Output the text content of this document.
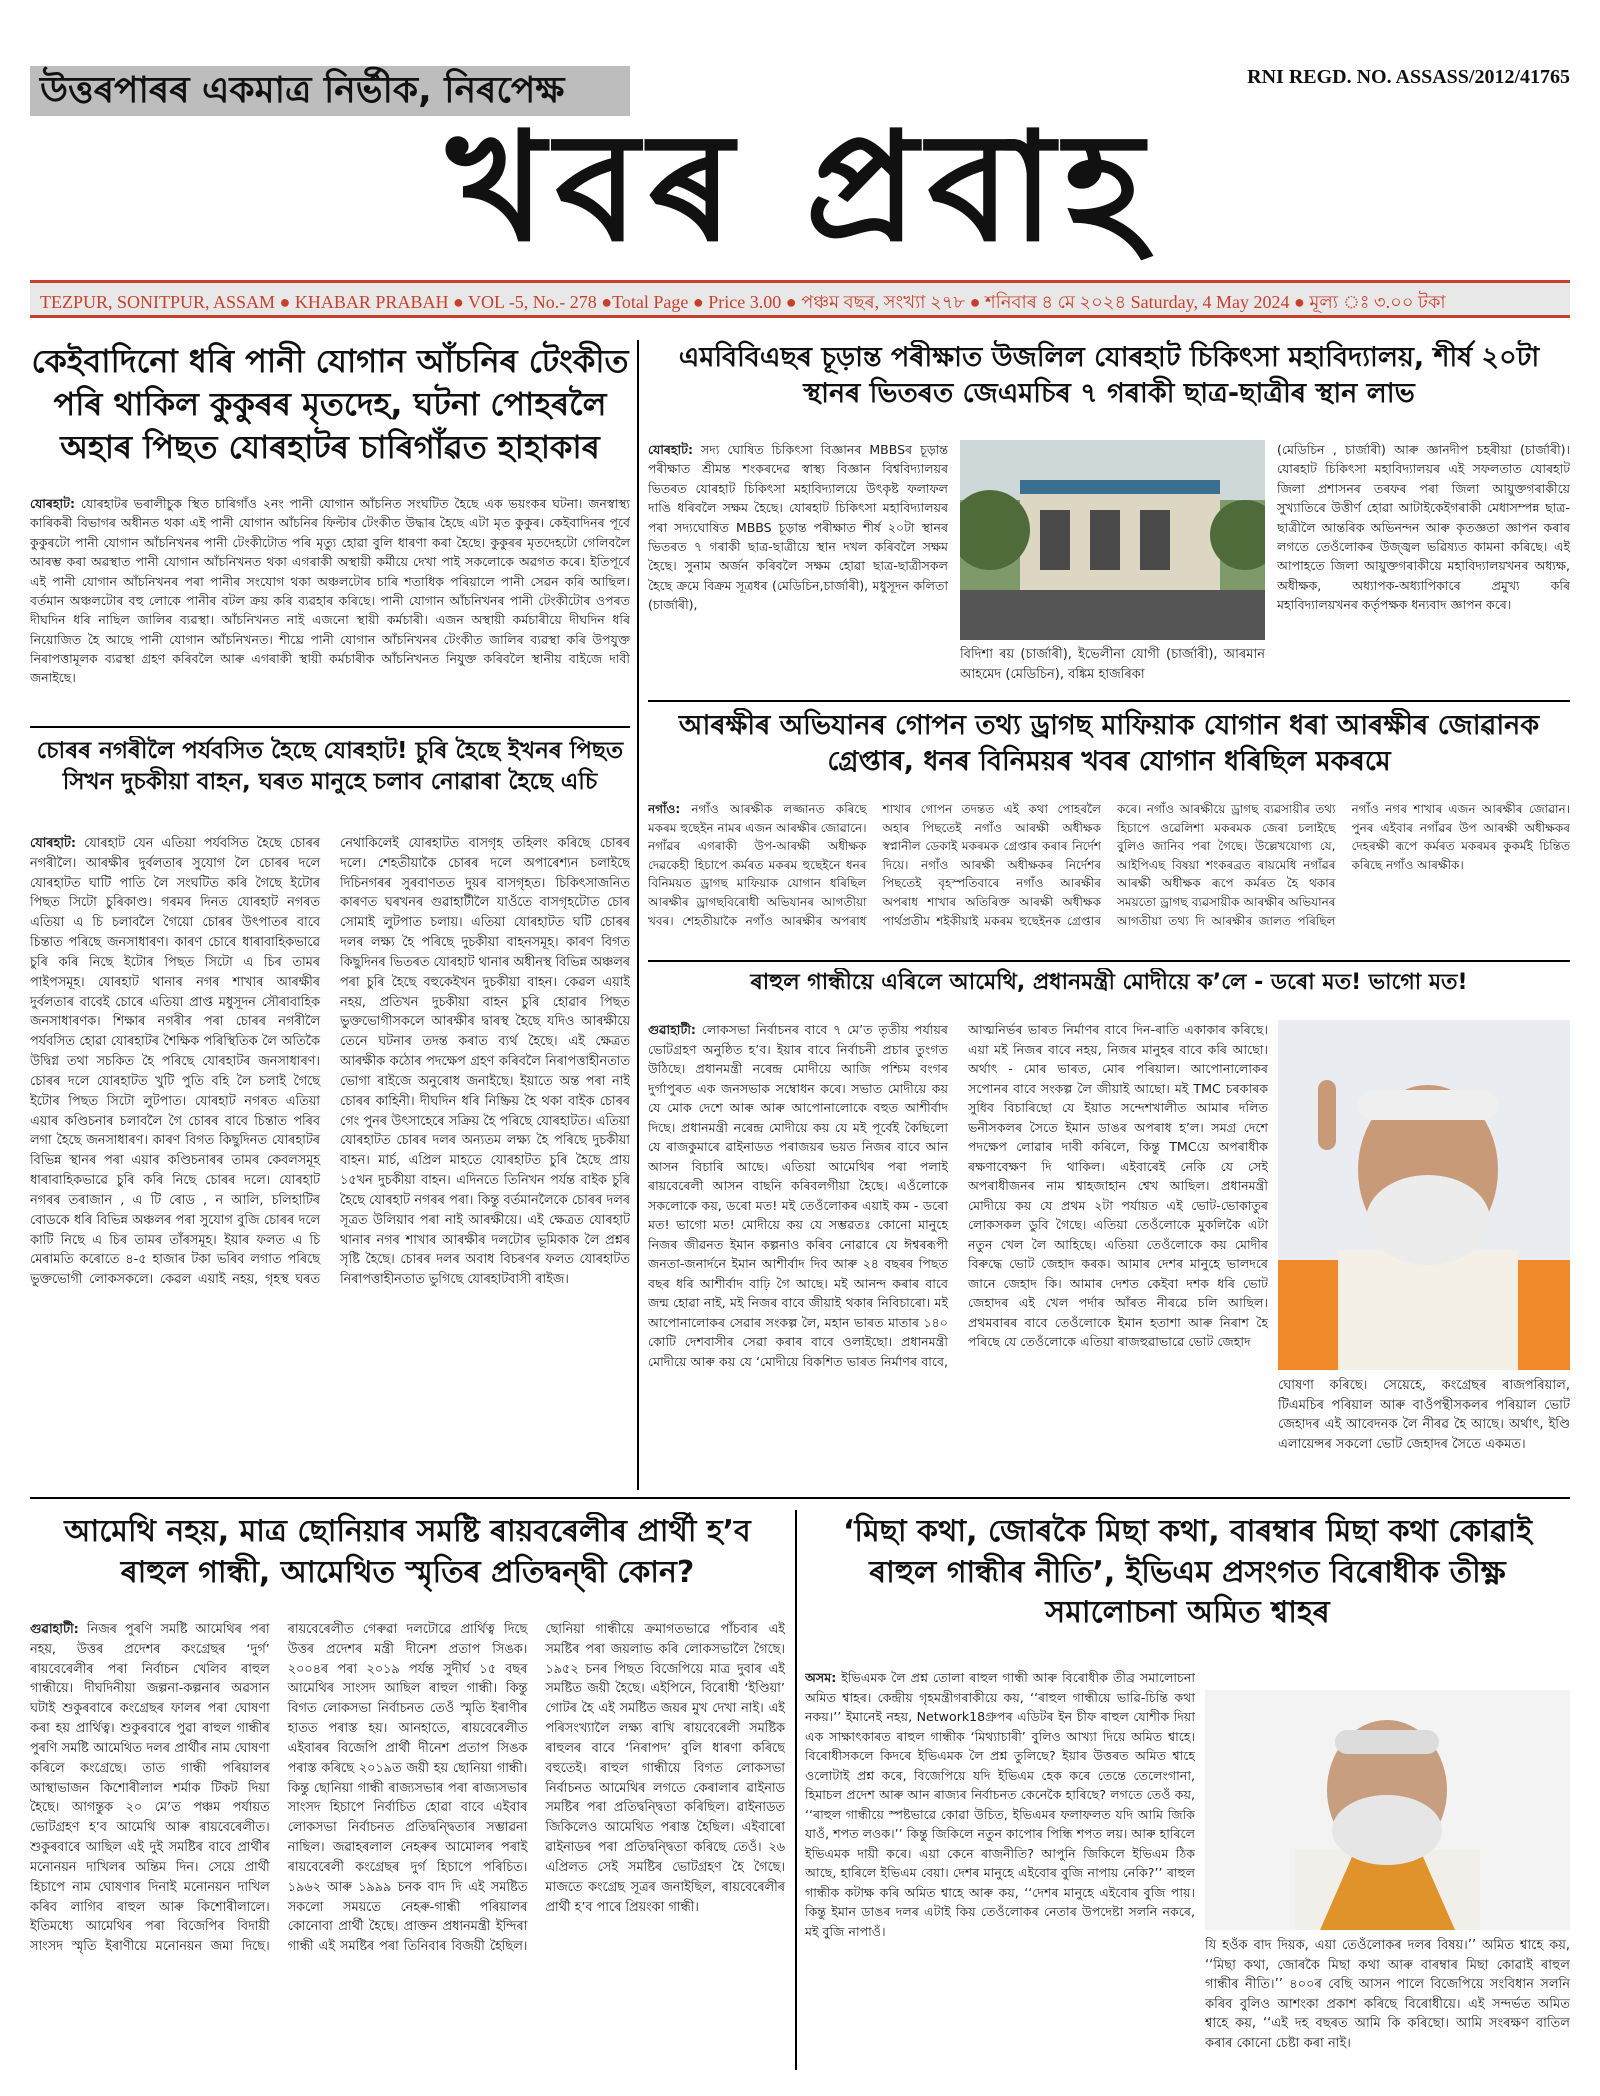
উত্তৰপাৰৰ একমাত্ৰ নিৰ্ভীক, নিৰপেক্ষ	RNI REGD. NO. ASSASS/2012/41765
খবৰ প্ৰবাহ
TEZPUR, SONITPUR, ASSAM ● KHABAR PRABAH ● VOL -5, No.- 278 ●Total Page ● Price 3.00 ● পঞ্চম বছৰ, সংখ্যা ২৭৮ ● শনিবাৰ ৪ মে ২০২৪ Saturday, 4 May 2024 ● মূল্য ঃ ৩.০০ টকা
কেইবাদিনো ধৰি পানী যোগান আঁচনিৰ টেংকীত পৰি থাকিল কুকুৰৰ মৃতদেহ, ঘটনা পোহৰলৈ অহাৰ পিছত যোৰহাটৰ চাৰিগাঁৱত হাহাকাৰ
যোৰহাট: যোৰহাটৰ ভৰালীচুক স্থিত চাৰিগাঁও ২নং পানী যোগান আঁচনিত সংঘটিত হৈছে এক ভয়ংকৰ ঘটনা। জনস্বাস্থ্য কাৰিকৰী বিভাগৰ অধীনত থকা এই পানী যোগান আঁচনিৰ ফিল্টাৰ টেংকীত উদ্ধাৰ হৈছে এটা মৃত কুকুৰ। কেইবাদিনৰ পূৰ্বে কুকুৰটো পানী যোগান আঁচনিখনৰ পানী টেংকীটোত পৰি মৃত্যু হোৱা বুলি ধাৰণা কৰা হৈছে। কুকুৰৰ মৃতদেহটো গেলিবলৈ আৰম্ভ কৰা অৱস্থাত পানী যোগান আঁচনিখনত থকা এগৰাকী অস্থায়ী কৰ্মীয়ে দেখা পাই সকলোকে অৱগত কৰে। ইতিপূৰ্বে এই পানী যোগান আঁচনিখনৰ পৰা পানীৰ সংযোগ থকা অঞ্চলটোৰ চাৰি শতাধিক পৰিয়ালে পানী সেৱন কৰি আছিল। বৰ্তমান অঞ্চলটোৰ বহু লোকে পানীৰ বটল ক্ৰয় কৰি ব্যৱহাৰ কৰিছে। পানী যোগান আঁচনিখনৰ পানী টেংকীটোৰ ওপৰত দীঘদিন ধৰি নাছিল জালিৰ ব্যৱস্থা। আঁচনিখনত নাই এজনো স্থায়ী কৰ্মচাৰী। এজন অস্থায়ী কৰ্মচাৰীয়ে দীঘদিন ধৰি নিয়োজিত হৈ আছে পানী যোগান আঁচনিখনত। শীঘ্ৰে পানী যোগান আঁচনিখনৰ টেংকীত জালিৰ ব্যৱস্থা কৰি উপযুক্ত নিৰাপত্তামূলক ব্যৱস্থা গ্ৰহণ কৰিবলৈ আৰু এগৰাকী স্থায়ী কৰ্মচাৰীক আঁচনিখনত নিযুক্ত কৰিবলৈ স্থানীয় বাইজে দাবী জনাইছে।
চোৰৰ নগৰীলৈ পৰ্যবসিত হৈছে যোৰহাট! চুৰি হৈছে ইখনৰ পিছত সিখন দুচকীয়া বাহন, ঘৰত মানুহে চলাব নোৱাৰা হৈছে এচি
যোৰহাট: যোৰহাট যেন এতিয়া পৰ্যবসিত হৈছে চোৰৰ নগৰীলৈ। আৰক্ষীৰ দুৰ্বলতাৰ সুযোগ লৈ চোৰৰ দলে যোৰহাটত ঘাটি পাতি লৈ সংঘটিত কৰি গৈছে ইটোৰ পিছত সিটো চুৰিকাণ্ড। গৰমৰ দিনত যোৰহাট নগৰত এতিয়া এ চি চলাবলৈ গৈয়ো চোৰৰ উৎপাতৰ বাবে চিন্তাত পৰিছে জনসাধাৰণ। কাৰণ চোৰে ধাৰাবাহিকভাৱে চুৰি কৰি নিছে ইটোৰ পিছত সিটো এ চিৰ তামৰ পাইপসমূহ। যোৰহাট থানাৰ নগৰ শাখাৰ আৰক্ষীৰ দুৰ্বলতাৰ বাবেই চোৰে এতিয়া প্ৰাপ্ত মধুসূদন সৌৰাবাহিক জনসাধাৰণক। শিক্ষাৰ নগৰীৰ পৰা চোৰৰ নগৰীলৈ পৰ্যবসিত হোৱা যোৰহাটৰ শৈক্ষিক পৰিস্থিতিক লৈ অতিকৈ উদ্বিগ্ন তথা সচকিত হৈ পৰিছে যোৰহাটৰ জনসাধাৰণ। চোৰৰ দলে যোৰহাটত খুটি পুতি বহি লৈ চলাই গৈছে ইটোৰ পিছত সিটো লুটপাত। যোৰহাট নগৰত এতিয়া এয়াৰ কণ্ডিচনাৰ চলাবলৈ গৈ চোৰৰ বাবে চিন্তাত পৰিব লগা হৈছে জনসাধাৰণ। কাৰণ বিগত কিছুদিনত যোৰহাটৰ বিভিন্ন স্থানৰ পৰা এয়াৰ কণ্ডিচনাৰৰ তামৰ কেবলসমূহ ধাৰাবাহিকভাৱে চুৰি কৰি নিছে চোৰৰ দলে। যোৰহাট নগৰৰ তৰাজান , এ টি ৰোড , ন আলি, চলিহাটিৰ বোডকে ধৰি বিভিন্ন অঞ্চলৰ পৰা সুযোগ বুজি চোৰৰ দলে কাটি নিছে এ চিৰ তামৰ তাঁৰসমূহ। ইয়াৰ ফলত এ চি মেৰামতি কৰোতে ৪-৫ হাজাৰ টকা ভৰিব লগাত পৰিছে ভুক্তভোগী লোকসকলে। কেৱল এয়াই নহয়, গৃহস্থ ঘৰত নেথাকিলেই যোৰহাটত বাসগৃহ তহিলং কৰিছে চোৰৰ দলে। শেহতীয়াকৈ চোৰৰ দলে অপাৰেশ্যন চলাইছে দিচিনগৰৰ সুৰবাণতত দুয়ৰ বাসগৃহত। চিকিৎসাজনিত কাৰণত ঘৰখনৰ গুৱাহাটীলৈ যাওঁতে বাসগৃহটোত চোৰ সোমাই লুটপাত চলায়। এতিয়া যোৰহাটত ঘটি চোৰৰ দলৰ লক্ষ্য হৈ পৰিছে দুচকীয়া বাহনসমূহ। কাৰণ বিগত কিছুদিনৰ ভিতৰত যোৰহাট থানাৰ অধীনস্থ বিভিন্ন অঞ্চলৰ পৰা চুৰি হৈছে বহুকেইখন দুচকীয়া বাহন। কেৱল এয়াই নহয়, প্ৰতিখন দুচকীয়া বাহন চুৰি হোৱাৰ পিছত ভুক্তভোগীসকলে আৰক্ষীৰ দ্বাৰস্থ হৈছে যদিও আৰক্ষীয়ে তেনে ঘটনাৰ তদন্ত কৰাত ব্যৰ্থ হৈছে। এই ক্ষেত্ৰত আৰক্ষীক কঠোৰ পদক্ষেপ গ্ৰহণ কৰিবলৈ নিৰাপত্তাহীনতাত ভোগা ৰাইজে অনুৰোধ জনাইছে। ইয়াতে অন্ত পৰা নাই চোৰৰ কাহিনী। দীঘদিন ধৰি নিষ্ক্ৰিয় হৈ থকা বাইক চোৰৰ গেং পুনৰ উৎসাহেৰে সক্ৰিয় হৈ পৰিছে যোৰহাটত। এতিয়া যোৰহাটত চোৰৰ দলৰ অন্যতম লক্ষ্য হৈ পৰিছে দুচকীয়া বাহন। মাৰ্চ, এপ্ৰিল মাহতে যোৰহাটত চুৰি হৈছে প্ৰায় ১৫খন দুচকীয়া বাহন। এদিনতে তিনিখন পৰ্যন্ত বাইক চুৰি হৈছে যোৰহাট নগৰৰ পৰা। কিন্তু বৰ্তমানলৈকে চোৰৰ দলৰ সূত্ৰত উলিয়াব পৰা নাই আৰক্ষীয়ে। এই ক্ষেত্ৰত যোৰহাট থানাৰ নগৰ শাখাৰ আৰক্ষীৰ দলটোৰ ভূমিকাক লৈ প্ৰশ্নৰ সৃষ্টি হৈছে। চোৰৰ দলৰ অবাধ বিচৰণৰ ফলত যোৰহাটত নিৰাপত্তাহীনতাত ভুগিছে যোৰহাটবাসী ৰাইজ।
এমবিবিএছৰ চূড়ান্ত পৰীক্ষাত উজলিল যোৰহাট চিকিৎসা মহাবিদ্যালয়, শীৰ্ষ ২০টা স্থানৰ ভিতৰত জেএমচিৰ ৭ গৰাকী ছাত্ৰ-ছাত্ৰীৰ স্থান লাভ
যোৰহাট: সদ্য ঘোষিত চিকিৎসা বিজ্ঞানৰ MBBSৰ চূড়ান্ত পৰীক্ষাত শ্ৰীমন্ত শংকৰদেৱ স্বাস্থ্য বিজ্ঞান বিশ্ববিদ্যালয়ৰ ভিতৰত যোৰহাট চিকিৎসা মহাবিদ্যালয়ে উৎকৃষ্ট ফলাফল দাঙি ধৰিবলৈ সক্ষম হৈছে। যোৰহাট চিকিৎসা মহাবিদ্যালয়ৰ পৰা সদ্যঘোষিত MBBS চূড়ান্ত পৰীক্ষাত শীৰ্ষ ২০টা স্থানৰ ভিতৰত ৭ গৰাকী ছাত্ৰ-ছাত্ৰীয়ে স্থান দখল কৰিবলৈ সক্ষম হৈছে। সুনাম অৰ্জন কৰিবলৈ সক্ষম হোৱা ছাত্ৰ-ছাত্ৰীসকল হৈছে ক্ৰমে বিক্ৰম সূত্ৰধৰ (মেডিচিন,চাৰ্জাৰী), মধুসূদন কলিতা (চাৰ্জাৰী),
বিদিশা ৰয় (চাৰ্জাৰী), ইভেলীনা যোগী (চাৰ্জাৰী), আৰমান আহমেদ (মেডিচিন), বঙ্কিম হাজৰিকা
(মেডিচিন , চাৰ্জাৰী) আৰু জ্ঞানদীপ চহৰীয়া (চাৰ্জাৰী)। যোৰহাট চিকিৎসা মহাবিদ্যালয়ৰ এই সফলতাত যোৰহাট জিলা প্ৰশাসনৰ তৰফৰ পৰা জিলা আয়ুক্তগৰাকীয়ে সুখ্যাতিৰে উত্তীৰ্ণ হোৱা আটাইকেইগৰাকী মেধাসম্পন্ন ছাত্ৰ- ছাত্ৰীলৈ আন্তৰিক অভিনন্দন আৰু কৃতজ্ঞতা জ্ঞাপন কৰাৰ লগতে তেওঁলোকৰ উজ্জ্বল ভৱিষ্যত কামনা কৰিছে। এই আপাহতে জিলা আয়ুক্তগৰাকীয়ে মহাবিদ্যালয়খনৰ অধ্যক্ষ, অধীক্ষক, অধ্যাপক-অধ্যাপিকাৰে প্ৰমুখ্য কৰি মহাবিদ্যালয়খনৰ কৰ্তৃপক্ষক ধন্যবাদ জ্ঞাপন কৰে।
আৰক্ষীৰ অভিযানৰ গোপন তথ্য ড্ৰাগছ মাফিয়াক যোগান ধৰা আৰক্ষীৰ জোৱানক গ্ৰেপ্তাৰ, ধনৰ বিনিময়ৰ খবৰ যোগান ধৰিছিল মকৰমে
নগাঁও: নগাঁও আৰক্ষীক লজ্জানত কৰিছে মকৰম হুছেইন নামৰ এজন আৰক্ষীৰ জোৱানে। নগাঁৱৰ এগৰাকী উপ-আৰক্ষী অধীক্ষক দেৱকেহী হিচাপে কৰ্মৰত মকৰম হুছেইনে ধনৰ বিনিময়ত ড্ৰাগছ মাফিয়াক যোগান ধৰিছিল আৰক্ষীৰ ড্ৰাগছবিৰোধী অভিযানৰ আগতীয়া খবৰ। শেহতীয়াকৈ নগাঁও আৰক্ষীৰ অপৰাধ শাখাৰ গোপন তদন্তত এই কথা পোহৰলৈ অহাৰ পিছতেই নগাঁও আৰক্ষী অধীক্ষক স্বপ্নানীল ডেকাই মকৰমক গ্ৰেপ্তাৰ কৰাৰ নিৰ্দেশ দিয়ে। নগাঁও আৰক্ষী অধীক্ষকৰ নিৰ্দেশৰ পিছতেই বৃহস্পতিবাৰে নগাঁও আৰক্ষীৰ অপৰাধ শাখাৰ অতিৰিক্ত আৰক্ষী অধীক্ষক পাৰ্থপ্ৰতীম শইকীয়াই মকৰম হুছেইনক গ্ৰেপ্তাৰ কৰে। নগাঁও আৰক্ষীয়ে ড্ৰাগছ ব্যৱসায়ীৰ তথ্য হিচাপে ওৱেলিশা মকৰমক জেৰা চলাইছে বুলিও জানিব পৰা গৈছে। উল্লেখযোগ্য যে, আইপিএছ বিষয়া শংকৰব্ৰত ৰায়মেধি নগাঁৱৰ আৰক্ষী অধীক্ষক ৰূপে কৰ্মৰত হৈ থকাৰ সময়তো ড্ৰাগছ ব্যৱসায়ীক আৰক্ষীৰ অভিযানৰ আগতীয়া তথ্য দি আৰক্ষীৰ জালত পৰিছিল নগাঁও নগৰ শাখাৰ এজন আৰক্ষীৰ জোৱান। পুনৰ এইবাৰ নগাঁৱৰ উপ আৰক্ষী অধীক্ষকৰ দেহৰক্ষী ৰূপে কৰ্মৰত মকৰমৰ কুকৰ্মই চিন্তিত কৰিছে নগাঁও আৰক্ষীক।
ৰাহুল গান্ধীয়ে এৰিলে আমেথি, প্ৰধানমন্ত্ৰী মোদীয়ে ক’লে - ডৰো মত! ভাগো মত!
গুৱাহাটী: লোকসভা নিৰ্বাচনৰ বাবে ৭ মে’ত তৃতীয় পৰ্যায়ৰ ভোটগ্ৰহণ অনুষ্ঠিত হ’ব। ইয়াৰ বাবে নিৰ্বাচনী প্ৰচাৰ তুংগত উঠিছে। প্ৰধানমন্ত্ৰী নৰেন্দ্ৰ মোদীয়ে আজি পশ্চিম বংগৰ দুৰ্গাপুৰত এক জনসভাক সম্বোধন কৰে। সভাত মোদীয়ে কয় যে মোক দেশে আৰু আৰু আপোনালোকে বহুত আশীৰ্বাদ দিছে। প্ৰধানমন্ত্ৰী নৰেন্দ্ৰ মোদীয়ে কয় যে মই পূৰ্বেই কৈছিলো যে ৰাজকুমাৰে ৱাইনাডত পৰাজয়ৰ ভয়ত নিজৰ বাবে আন আসন বিচাৰি আছে। এতিয়া আমেথিৰ পৰা পলাই ৰায়বেৰেলী আসন বাছনি কৰিবলগীয়া হৈছে। এওঁলোকে সকলোকে কয়, ডৰো মত! মই তেওঁলোকৰ এয়াই কম - ডৰো মত! ভাগো মত! মোদীয়ে কয় যে সম্ভৱতঃ কোনো মানুহে নিজৰ জীৱনত ইমান কল্পনাও কৰিব নোৱাৰে যে ঈশ্বৰৰূপী জনতা-জনাৰ্দনে ইমান আশীৰ্বাদ দিব আৰু ২৪ বছৰৰ পিছত বছৰ ধৰি আশীৰ্বাদ বাঢ়ি গৈ আছে। মই আনন্দ কৰাৰ বাবে জন্ম হোৱা নাই, মই নিজৰ বাবে জীয়াই থকাৰ নিবিচাৰো। মই আপোনালোকৰ সেৱাৰ সংকল্প লৈ, মহান ভাৰত মাতাৰ ১৪০ কোটি দেশবাসীৰ সেৱা কৰাৰ বাবে ওলাইছো। প্ৰধানমন্ত্ৰী মোদীয়ে আৰু কয় যে ‘মোদীয়ে বিকশিত ভাৰত নিৰ্মাণৰ বাবে, আত্মনিৰ্ভৰ ভাৰত নিৰ্মাণৰ বাবে দিন-ৰাতি একাকাৰ কৰিছে। এয়া মই নিজৰ বাবে নহয়, নিজৰ মানুহৰ বাবে কৰি আছো। অৰ্থাৎ - মোৰ ভাৰত, মোৰ পৰিয়াল। আপোনালোকৰ সপোনৰ বাবে সংকল্প লৈ জীয়াই আছো। মই TMC চৰকাৰক সুধিব বিচাৰিছো যে ইয়াত সন্দেশখালীত আমাৰ দলিত ভনীসকলৰ সৈতে ইমান ডাঙৰ অপৰাধ হ’ল। সমগ্ৰ দেশে পদক্ষেপ লোৱাৰ দাবী কৰিলে, কিন্তু TMCয়ে অপৰাধীক ৰক্ষণাবেক্ষণ দি থাকিল। এইবাৰেই নেকি যে সেই অপৰাধীজনৰ নাম শ্বাহজাহান শ্বেখ আছিল। প্ৰধানমন্ত্ৰী মোদীয়ে কয় যে প্ৰথম ২টা পৰ্যায়ত এই ভোট-ভোকাতুৰ লোকসকল ডুবি গৈছে। এতিয়া তেওঁলোকে মুকলিকৈ এটা নতুন খেল লৈ আহিছে। এতিয়া তেওঁলোকে কয় মোদীৰ বিৰুদ্ধে ভোট জেহাদ কৰক। আমাৰ দেশৰ মানুহে ভালদৰে জানে জেহাদ কি। আমাৰ দেশত কেইবা দশক ধৰি ভোট জেহাদৰ এই খেল পৰ্দাৰ আঁৰত নীৰৱে চলি আছিল। প্ৰথমবাৰৰ বাবে তেওঁলোকে ইমান হতাশা আৰু নিৰাশ হৈ পৰিছে যে তেওঁলোকে এতিয়া ৰাজহুৱাভাৱে ভোট জেহাদ
ঘোষণা কৰিছে। সেয়েহে, কংগ্ৰেছৰ ৰাজপৰিয়াল, টিএমচিৰ পৰিয়াল আৰু বাওঁপন্থীসকলৰ পৰিয়াল ভোট জেহাদৰ এই আবেদনক লৈ নীৰৱ হৈ আছে। অৰ্থাৎ, ইণ্ডি এলায়েন্সৰ সকলো ভোট জেহাদৰ সৈতে একমত।
আমেথি নহয়, মাত্ৰ ছোনিয়াৰ সমষ্টি ৰায়বৰেলীৰ প্ৰাৰ্থী হ’ব ৰাহুল গান্ধী, আমেথিত স্মৃতিৰ প্ৰতিদ্বন্দ্বী কোন?
গুৱাহাটী: নিজৰ পুৰণি সমষ্টি আমেথিৰ পৰা নহয়, উত্তৰ প্ৰদেশৰ কংগ্ৰেছৰ ‘দুৰ্গ’ ৰায়বেৰেলীৰ পৰা নিৰ্বাচন খেলিব ৰাহুল গান্ধীয়ে। দীঘদিনীয়া জল্পনা-কল্পনাৰ অৱসান ঘটাই শুকুৰবাৰে কংগ্ৰেছৰ ফালৰ পৰা ঘোষণা কৰা হয় প্ৰাৰ্থিত্ব। শুকুৰবাৰে পুৱা ৰাহুল গান্ধীৰ পুৰণি সমষ্টি আমেথিত দলৰ প্ৰাৰ্থীৰ নাম ঘোষণা কৰিলে কংগ্ৰেছে। তাত গান্ধী পৰিয়ালৰ আস্থাভাজন কিশোৰীলাল শৰ্মাক টিকট দিয়া হৈছে। আগন্তুক ২০ মে’ত পঞ্চম পৰ্যায়ত ভোটগ্ৰহণ হ’ব আমেথি আৰু ৰায়বেৰেলীত। শুকুৰবাৰে আছিল এই দুই সমষ্টিৰ বাবে প্ৰাৰ্থীৰ মনোনয়ন দাখিলৰ অন্তিম দিন। সেয়ে প্ৰাৰ্থী হিচাপে নাম ঘোষণাৰ দিনাই মনোনয়ন দাখিল কৰিব লাগিব ৰাহুল আৰু কিশোৰীলালে। ইতিমধ্যে আমেথিৰ পৰা বিজেপিৰ বিদায়ী সাংসদ স্মৃতি ইৰাণীয়ে মনোনয়ন জমা দিছে। ৰায়বেৰেলীত গেৰুৱা দলটোৱে প্ৰাৰ্থিত্ব দিছে উত্তৰ প্ৰদেশৰ মন্ত্ৰী দীনেশ প্ৰতাপ সিঙক। ২০০৪ৰ পৰা ২০১৯ পৰ্যন্ত সুদীৰ্ঘ ১৫ বছৰ আমেথিৰ সাংসদ আছিল ৰাহুল গান্ধী। কিন্তু বিগত লোকসভা নিৰ্বাচনত তেওঁ স্মৃতি ইৰাণীৰ হাতত পৰাস্ত হয়। আনহাতে, ৰায়বেৰেলীত এইবাৰৰ বিজেপি প্ৰাৰ্থী দীনেশ প্ৰতাপ সিঙক পৰাস্ত কৰিছে ২০১৯ত জয়ী হয় ছোনিয়া গান্ধী। কিন্তু ছোনিয়া গান্ধী ৰাজ্যসভাৰ পৰা ৰাজ্যসভাৰ সাংসদ হিচাপে নিৰ্বাচিত হোৱা বাবে এইবাৰ লোকসভা নিৰ্বাচনত প্ৰতিদ্বন্দ্বিতাৰ সম্ভাৱনা নাছিল। জৱাহৰলাল নেহৰুৰ আমোলৰ পৰাই ৰায়বেৰেলী কংগ্ৰেছৰ দুৰ্গ হিচাপে পৰিচিত। ১৯৬২ আৰু ১৯৯৯ চনক বাদ দি এই সমষ্টিত সকলো সময়তে নেহৰু-গান্ধী পৰিয়ালৰ কোনোবা প্ৰাৰ্থী হৈছে। প্ৰাক্তন প্ৰধানমন্ত্ৰী ইন্দিৰা গান্ধী এই সমষ্টিৰ পৰা তিনিবাৰ বিজয়ী হৈছিল। ছোনিয়া গান্ধীয়ে ক্ৰমাগতভাৱে পাঁচবাৰ এই সমষ্টিৰ পৰা জয়লাভ কৰি লোকসভালৈ গৈছে। ১৯৫২ চনৰ পিছত বিজেপিয়ে মাত্ৰ দুবাৰ এই সমষ্টিত জয়ী হৈছে। এইপিনে, বিৰোধী ‘ইণ্ডিয়া’ গোটৰ হৈ এই সমষ্টিত জয়ৰ মুখ দেখা নাই। এই পৰিসংখ্যালৈ লক্ষ্য ৰাখি ৰায়বেৰেলী সমষ্টিক ৰাহুলৰ বাবে ‘নিৰাপদ’ বুলি ধাৰণা কৰিছে বহুতেই। ৰাহুল গান্ধীয়ে বিগত লোকসভা নিৰ্বাচনত আমেথিৰ লগতে কেৰালাৰ ৱাইনাড সমষ্টিৰ পৰা প্ৰতিদ্বন্দ্বিতা কৰিছিল। ৱাইনাডত জিকিলেও আমেথিত পৰাস্ত হৈছিল। এইবাৰো ৱাইনাডৰ পৰা প্ৰতিদ্বন্দ্বিতা কৰিছে তেওঁ। ২৬ এপ্ৰিলত সেই সমষ্টিৰ ভোটগ্ৰহণ হৈ গৈছে। মাজতে কংগ্ৰেছ সূত্ৰৰ জনাইছিল, ৰায়বেৰেলীৰ প্ৰাৰ্থী হ’ব পাৰে প্ৰিয়ংকা গান্ধী।
‘মিছা কথা, জোৰকৈ মিছা কথা, বাৰম্বাৰ মিছা কথা কোৱাই ৰাহুল গান্ধীৰ নীতি’, ইভিএম প্ৰসংগত বিৰোধীক তীক্ষ্ণ সমালোচনা অমিত শ্বাহৰ
অসম: ইভিএমক লৈ প্ৰশ্ন তোলা ৰাহুল গান্ধী আৰু বিৰোধীক তীব্ৰ সমালোচনা অমিত শ্বাহৰ। কেন্দ্ৰীয় গৃহমন্ত্ৰীগৰাকীয়ে কয়, ‘‘ৰাহুল গান্ধীয়ে ভাৱি-চিন্তি কথা নকয়।’’ ইমানেই নহয়, Network18গ্ৰুপৰ এডিটৰ ইন চীফ ৰাহুল যোশীক দিয়া এক সাক্ষাৎকাৰত ৰাহুল গান্ধীক ‘মিথ্যাচাৰী’ বুলিও আখ্যা দিয়ে অমিত শ্বাহে। বিৰোধীসকলে কিদৰে ইভিএমক লৈ প্ৰশ্ন তুলিছে? ইয়াৰ উত্তৰত অমিত শ্বাহে ওলোটাই প্ৰশ্ন কৰে, বিজেপিয়ে যদি ইভিএম হেক কৰে তেন্তে তেলেংগানা, হিমাচল প্ৰদেশ আৰু আন ৰাজ্যৰ নিৰ্বাচনত কেনেকৈ হাৰিছে? লগতে তেওঁ কয়, ‘‘ৰাহুল গান্ধীয়ে স্পষ্টভাৱে কোৱা উচিত, ইভিএমৰ ফলাফলত যদি আমি জিকি যাওঁ, শপত লওক।’’ কিন্তু জিকিলে নতুন কাপোৰ পিন্ধি শপত লয়। আৰু হাৰিলে ইভিএমক দায়ী কৰে। এয়া কেনে ৰাজনীতি? আপুনি জিকিলে ইভিএম ঠিক আছে, হাৰিলে ইভিএম বেয়া। দেশৰ মানুহে এইবোৰ বুজি নাপায় নেকি?’’ ৰাহুল গান্ধীক কটাক্ষ কৰি অমিত শ্বাহে আৰু কয়, ‘‘দেশৰ মানুহে এইবোৰ বুজি পায়। কিন্তু ইমান ডাঙৰ দলৰ এটাই কিয় তেওঁলোকৰ নেতাৰ উপদেষ্টা সলনি নকৰে, মই বুজি নাপাওঁ।
যি হওঁক বাদ দিয়ক, এয়া তেওঁলোকৰ দলৰ বিষয়।’’ অমিত শ্বাহে কয়, ‘‘মিছা কথা, জোৰকৈ মিছা কথা আৰু বাৰম্বাৰ মিছা কোৱাই ৰাহুল গান্ধীৰ নীতি।’’ ৪০০ৰ বেছি আসন পালে বিজেপিয়ে সংবিধান সলনি কৰিব বুলিও আশংকা প্ৰকাশ কৰিছে বিৰোধীয়ে। এই সন্দৰ্ভত অমিত শ্বাহে কয়, ‘‘এই দহ বছৰত আমি কি কৰিছো। আমি সংৰক্ষণ বাতিল কৰাৰ কোনো চেষ্টা কৰা নাই।
